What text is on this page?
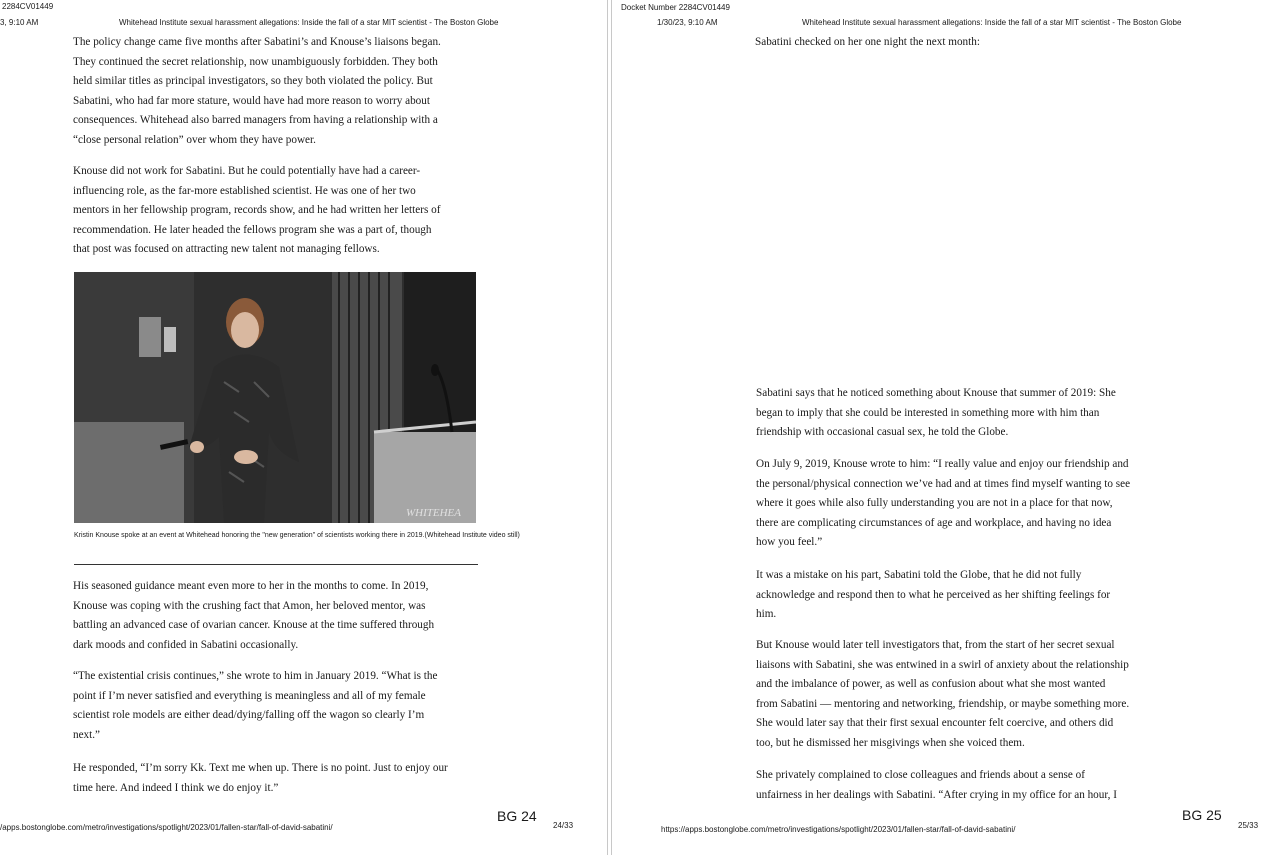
2284CV01449
3, 9:10 AM	Whitehead Institute sexual harassment allegations: Inside the fall of a star MIT scientist - The Boston Globe
The policy change came five months after Sabatini’s and Knouse’s liaisons began.
They continued the secret relationship, now unambiguously forbidden. They both
held similar titles as principal investigators, so they both violated the policy. But
Sabatini, who had far more stature, would have had more reason to worry about
consequences. Whitehead also barred managers from having a relationship with a
“close personal relation” over whom they have power.
Knouse did not work for Sabatini. But he could potentially have had a career-
influencing role, as the far-more established scientist. He was one of her two
mentors in her fellowship program, records show, and he had written her letters of
recommendation. He later headed the fellows program she was a part of, though
that post was focused on attracting new talent not managing fellows.
WHITEHEA
Kristin Knouse spoke at an event at Whitehead honoring the "new generation" of scientists working there in 2019.(Whitehead Institute video still)
His seasoned guidance meant even more to her in the months to come. In 2019,
Knouse was coping with the crushing fact that Amon, her beloved mentor, was
battling an advanced case of ovarian cancer. Knouse at the time suffered through
dark moods and confided in Sabatini occasionally.
“The existential crisis continues,” she wrote to him in January 2019. “What is the
point if I’m never satisfied and everything is meaningless and all of my female
scientist role models are either dead/dying/falling off the wagon so clearly I’m
next.”
He responded, “I’m sorry Kk. Text me when up. There is no point. Just to enjoy our
time here. And indeed I think we do enjoy it.”
/apps.bostonglobe.com/metro/investigations/spotlight/2023/01/fallen-star/fall-of-david-sabatini/
BG 24
24/33
Docket Number 2284CV01449
1/30/23, 9:10 AM	Whitehead Institute sexual harassment allegations: Inside the fall of a star MIT scientist - The Boston Globe
Sabatini checked on her one night the next month:
Sabatini says that he noticed something about Knouse that summer of 2019: She
began to imply that she could be interested in something more with him than
friendship with occasional casual sex, he told the Globe.
On July 9, 2019, Knouse wrote to him: “I really value and enjoy our friendship and
the personal/physical connection we’ve had and at times find myself wanting to see
where it goes while also fully understanding you are not in a place for that now,
there are complicating circumstances of age and workplace, and having no idea
how you feel.”
It was a mistake on his part, Sabatini told the Globe, that he did not fully
acknowledge and respond then to what he perceived as her shifting feelings for
him.
But Knouse would later tell investigators that, from the start of her secret sexual
liaisons with Sabatini, she was entwined in a swirl of anxiety about the relationship
and the imbalance of power, as well as confusion about what she most wanted
from Sabatini — mentoring and networking, friendship, or maybe something more.
She would later say that their first sexual encounter felt coercive, and others did
too, but he dismissed her misgivings when she voiced them.
She privately complained to close colleagues and friends about a sense of
unfairness in her dealings with Sabatini. “After crying in my office for an hour, I
https://apps.bostonglobe.com/metro/investigations/spotlight/2023/01/fallen-star/fall-of-david-sabatini/
BG 25
25/33
